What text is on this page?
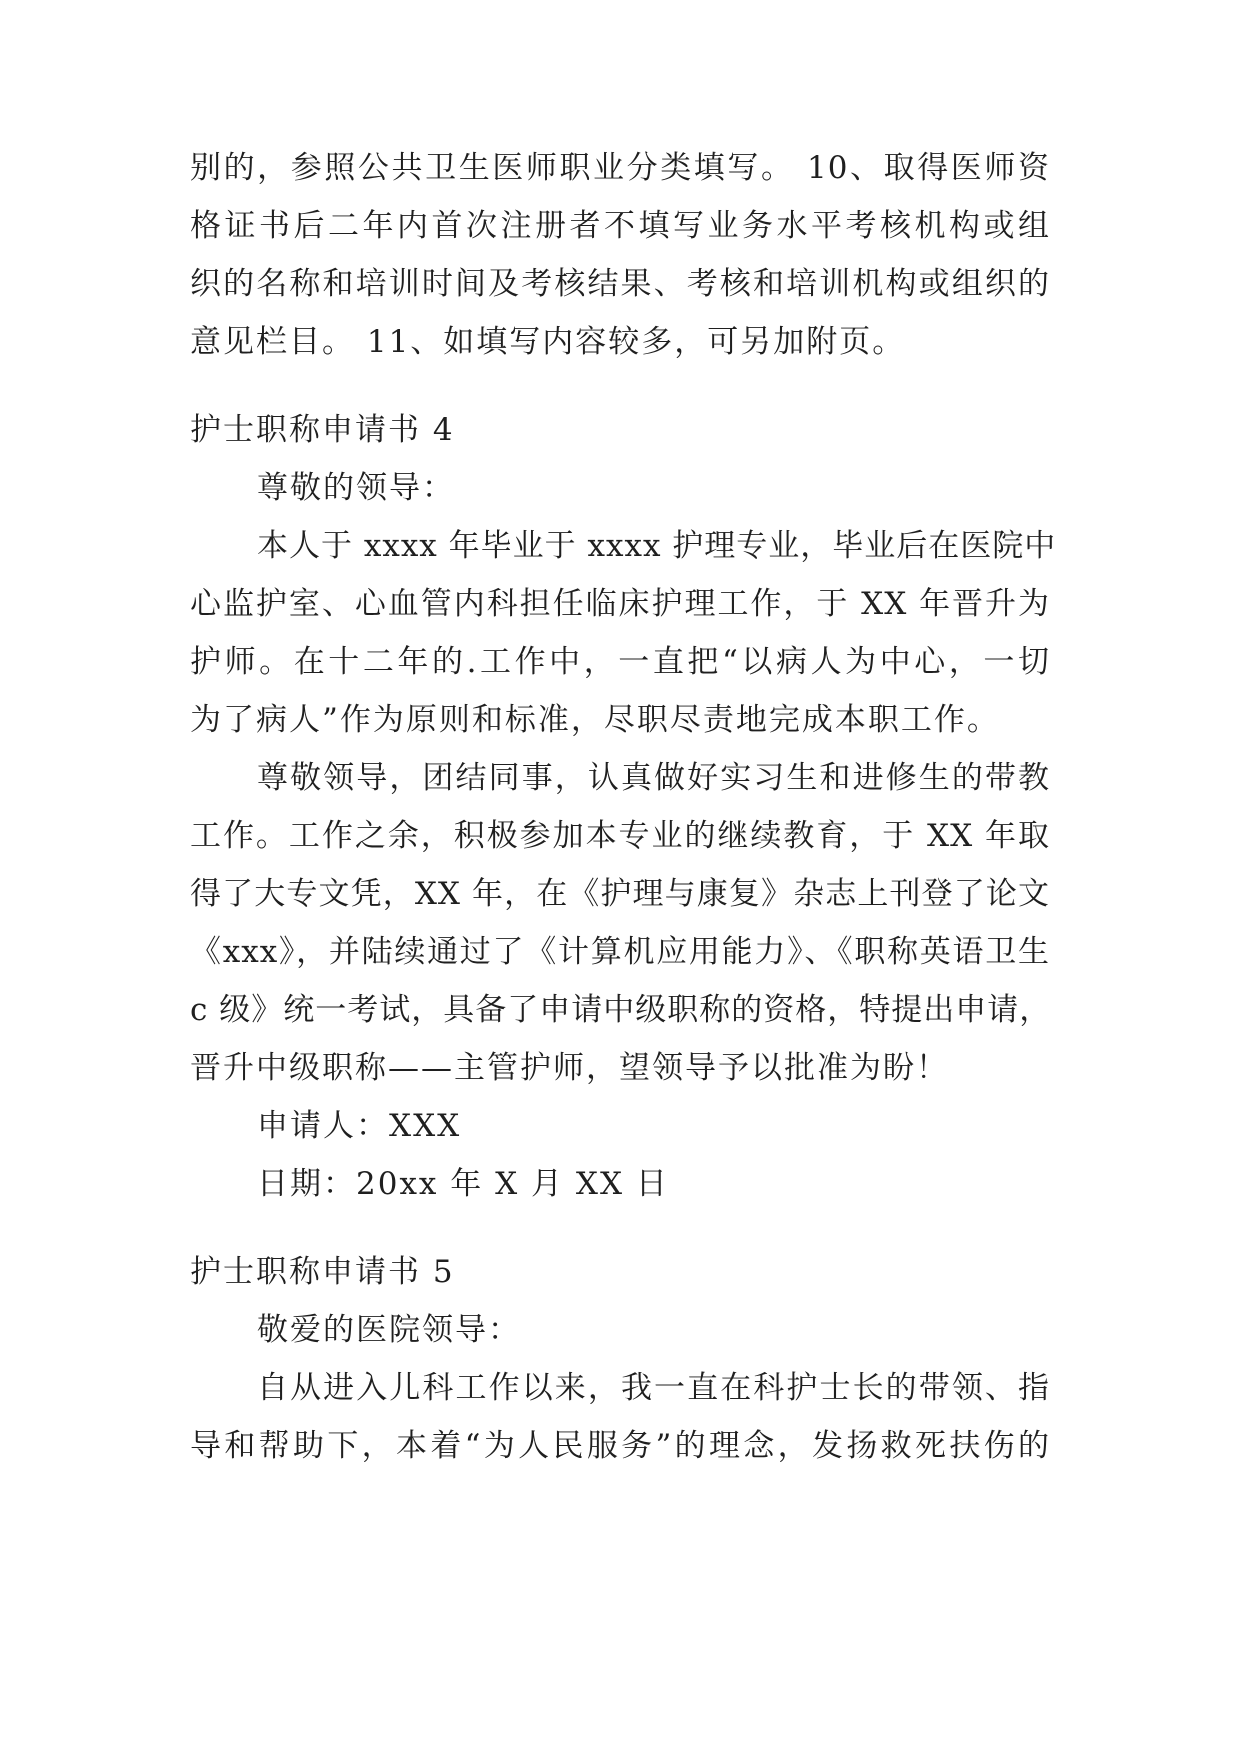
别的，参照公共卫生医师职业分类填写。 10、取得医师资
格证书后二年内首次注册者不填写业务水平考核机构或组
织的名称和培训时间及考核结果、考核和培训机构或组织的
意见栏目。 11、如填写内容较多，可另加附页。
护士职称申请书 4
尊敬的领导：
本人于 xxxx 年毕业于 xxxx 护理专业，毕业后在医院中
心监护室、心血管内科担任临床护理工作，于 XX 年晋升为
护师。在十二年的.工作中，一直把“以病人为中心，一切
为了病人”作为原则和标准，尽职尽责地完成本职工作。
尊敬领导，团结同事，认真做好实习生和进修生的带教
工作。工作之余，积极参加本专业的继续教育，于 XX 年取
得了大专文凭，XX 年，在《护理与康复》杂志上刊登了论文
《xxx》，并陆续通过了《计算机应用能力》、《职称英语卫生
c 级》统一考试，具备了申请中级职称的资格，特提出申请，
晋升中级职称——主管护师，望领导予以批准为盼！
申请人：XXX
日期：20xx 年 X 月 XX 日
护士职称申请书 5
敬爱的医院领导：
自从进入儿科工作以来，我一直在科护士长的带领、指
导和帮助下，本着“为人民服务”的理念，发扬救死扶伤的
